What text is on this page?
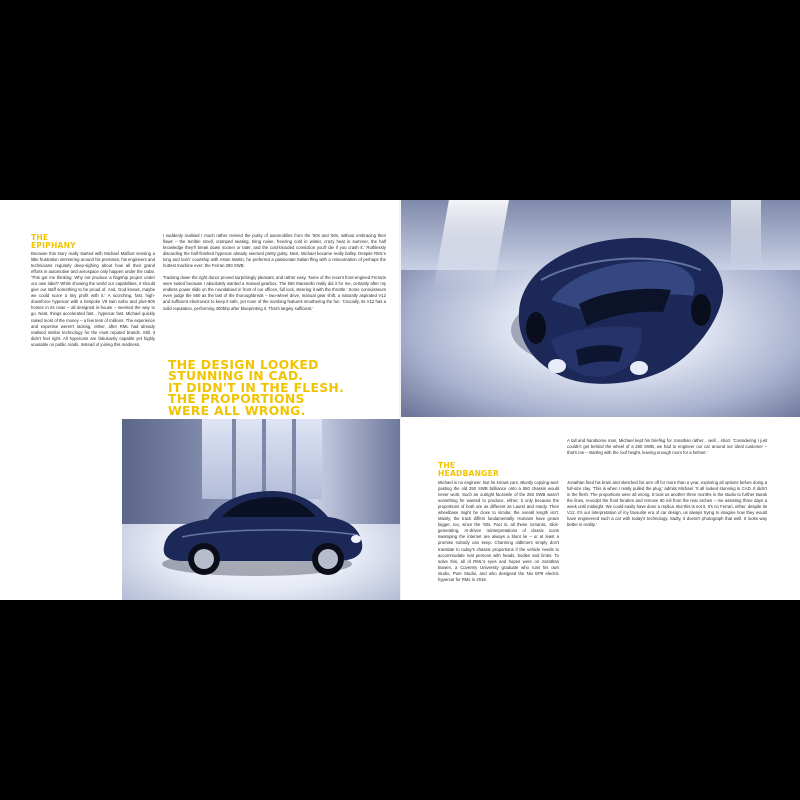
THE
EPIPHANY

Because this story really started with Michael Malfoot sensing a little frustration simmering around his premises, his engineers and technicians regularly deep-sighing about how all their grand efforts in automotive and aerospace only happen under the radar. 'This got me thinking. Why not produce a flagship project under our own label? While showing the world our capabilities, it should give our staff something to be proud of. And, God knows, maybe we could score a tiny profit with it.' A scorching, fast, high-downforce hypercar with a bespoke V8 twin turbo and plus-900 horses in its nose – all designed in-house – seemed the way to go. Neat, things accelerated fast... hypercar fast. Michael quickly raised most of the money – a few tens of millions. The experience and expertise weren't lacking, either, after RML had already realised similar technology for the most reputed brands. Still, it didn't feel right. All hypercars are fabulously capable yet highly unusable on public roads. Instead of joining this madness,

I suddenly realised I much rather revived the purity of automobiles from the '50s and '60s, without embracing their flaws – the terrible smell, cramped seating, tiring noise, freezing cold in winter, crazy heat in summer, the half knowledge they'll break down sooner or later, and the cold-blooded conviction you'll die if you crash it.' Ruthlessly discarding the half-finished hypercar already seemed pretty gutsy. Next, Michael became really ballsy. Despite RML's long and lovin' courtship with Aston Martin, he preferred a passionate Italian fling with a reincarnation of perhaps the hottest machine ever: the Ferrari 250 SWB.

Tracking down the right donor proved surprisingly pleasant, and rather easy. 'None of the recent front-engined Ferraris were suited because I absolutely wanted a manual gearbox. The 550 Maranello really did it for me, certainly after my endless power slide on the roundabout in front of our offices, full lock, steering it with the throttle.' Some connoisseurs even judge the 550 as the last of the thoroughbreds – two-wheel drive, manual gear shift, a naturally aspirated V12 and sufficient electronics to keep it safe, yet none of the numbing features smothering the fun. 'Crucially, its V12 has a solid reputation, performing 400bhp after blueprinting it. That's largely sufficient.'

THE DESIGN LOOKED
STUNNING IN CAD.
IT DIDN'T IN THE FLESH.
THE PROPORTIONS
WERE ALL WRONG.

A tall and handsome man, Michael kept his briefing for Jonathan rather... well... short. 'Considering I just couldn't get behind the wheel of a 250 SWB, we had to engineer our car around our ideal customer – that's me – starting with the roof height, leaving enough room for a helmet.'

THE
HEADBANGER

Michael is no engineer. But he knows cars. Bluntly copying-and-pasting the old 250 SWB brilliance onto a 550 chassis would never work. Such an outright facsimile of the 250 SWB wasn't something he wanted to produce, either; it only because the proportions of both are as different as Laurel and Hardy. Their wheelbase might be close to similar, the overall length isn't. Mainly, the track differs fundamentally. Humans have grown bigger, too, since the '60s. Fact is, all these romantic, slick-generating, AI-driven reinterpretations of classic icons swamping the internet are always a blunt lie – or at least a promise nobody can keep. Charming oldtimers simply don't translate to today's chassis proportions if the vehicle needs to accommodate real persons with heads, bodies and limbs. To solve this, all of RML's eyes and hopes were on Jonathan Bowen, a Coventry University graduate who runs his own studio, Pure Studio, and who designed the Nio EP9 electric hypercar for RML in 2016.

Jonathan fired his brain and sketched his arm off for more than a year, exploring all options before doing a full-size clay. 'This is when I really pulled the plug,' admits Michael. 'It all looked stunning in CAD. It didn't in the flesh. The proportions were all wrong. It took us another three months in the studio to further tweak the lines, reoculpt the front fenders and remove 60 mil from the rear arches – me assisting three days a week until midnight. We could easily have done a replica. But this is not it. It's no Ferrari, either, despite its V12. It's our interpretation of my favourite era of car design, us always trying to imagine how they would have engineered such a car with today's technology. Sadly, it doesn't photograph that well. It looks way better in reality.'
